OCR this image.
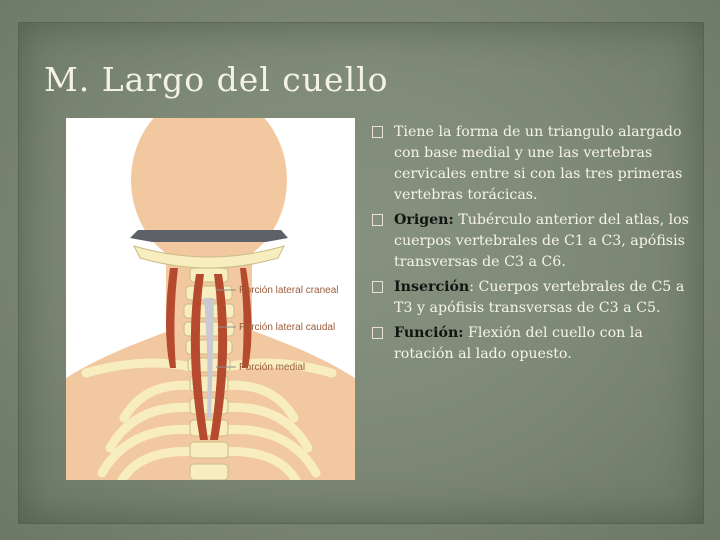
M. Largo del cuello
Porción lateral craneal
Porción lateral caudal
Porción medial
Tiene la forma de un triangulo alargado con base medial y une las vertebras cervicales entre si con las tres primeras vertebras torácicas.
Origen: Tubérculo anterior del atlas, los cuerpos vertebrales de C1 a C3, apófisis transversas de C3 a C6.
Inserción: Cuerpos vertebrales de C5 a T3 y apófisis transversas de C3 a C5.
Función: Flexión del cuello con la rotación al lado opuesto.
